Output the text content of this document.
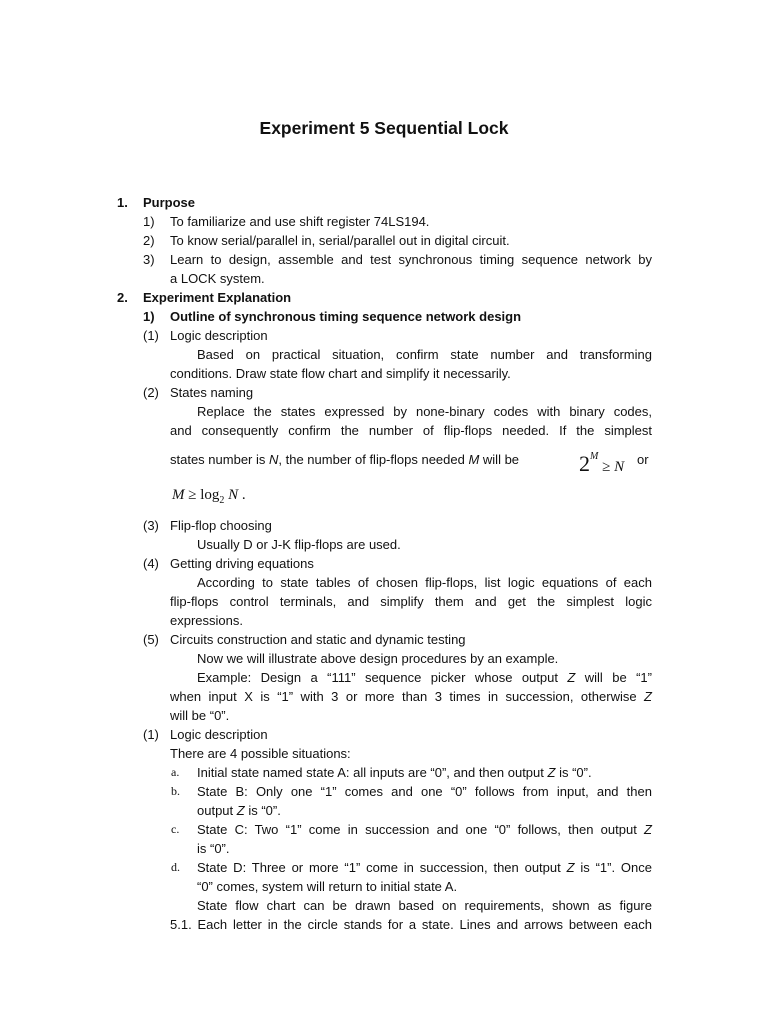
Experiment 5 Sequential Lock
1. Purpose
1) To familiarize and use shift register 74LS194.
2) To know serial/parallel in, serial/parallel out in digital circuit.
3) Learn to design, assemble and test synchronous timing sequence network by
a LOCK system.
2. Experiment Explanation
1) Outline of synchronous timing sequence network design
(1) Logic description
Based on practical situation, confirm state number and transforming
conditions. Draw state flow chart and simplify it necessarily.
(2) States naming
Replace the states expressed by none-binary codes with binary codes,
and consequently confirm the number of flip-flops needed. If the simplest
states number is N, the number of flip-flops needed M will be	$2^M \ge N$ or
$M \ge \log_2 N$ .
(3) Flip-flop choosing
Usually D or J-K flip-flops are used.
(4) Getting driving equations
According to state tables of chosen flip-flops, list logic equations of each
flip-flops control terminals, and simplify them and get the simplest logic
expressions.
(5) Circuits construction and static and dynamic testing
Now we will illustrate above design procedures by an example.
Example: Design a “111” sequence picker whose output Z will be “1”
when input X is “1” with 3 or more than 3 times in succession, otherwise Z
will be “0”.
(1) Logic description
There are 4 possible situations:
a. Initial state named state A: all inputs are “0”, and then output Z is “0”.
b. State B: Only one “1” comes and one “0” follows from input, and then
output Z is “0”.
c. State C: Two “1” come in succession and one “0” follows, then output Z
is “0”.
d. State D: Three or more “1” come in succession, then output Z is “1”. Once
“0” comes, system will return to initial state A.
State flow chart can be drawn based on requirements, shown as figure
5.1. Each letter in the circle stands for a state. Lines and arrows between each
